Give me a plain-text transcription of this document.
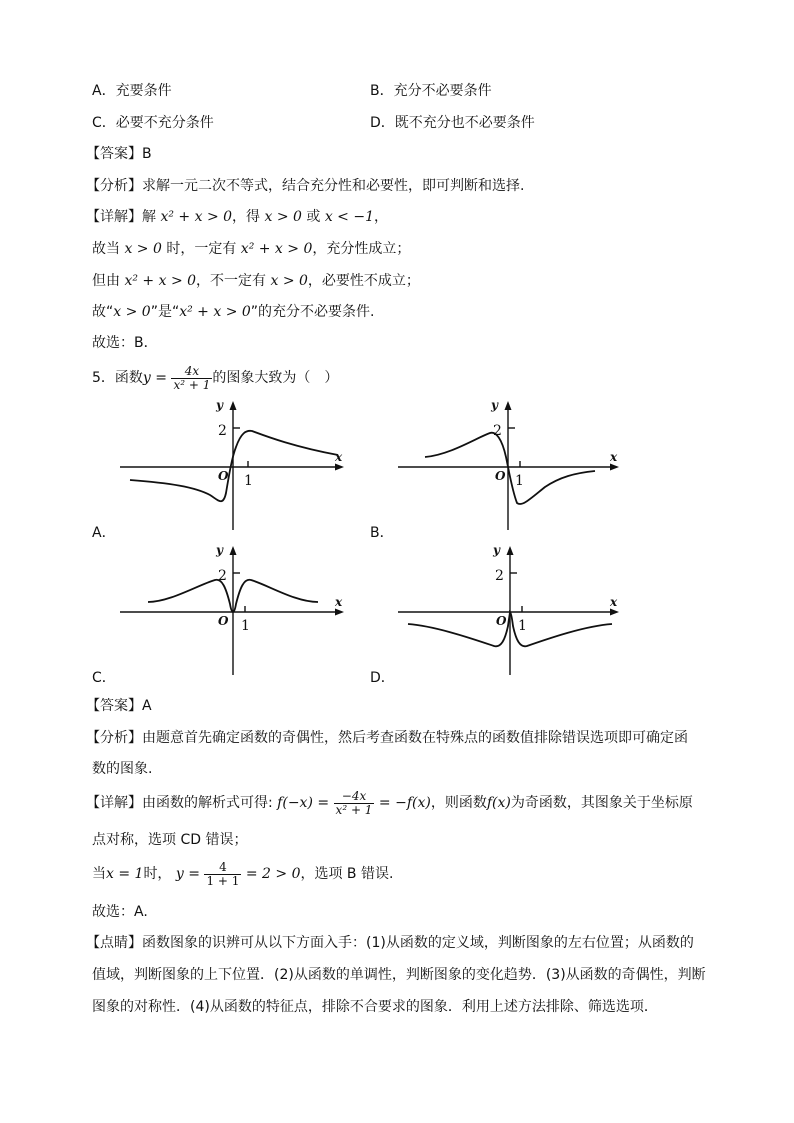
A．充要条件	B．充分不必要条件
C．必要不充分条件	D．既不充分也不必要条件
【答案】B
【分析】求解一元二次不等式，结合充分性和必要性，即可判断和选择.
【详解】解 x² + x > 0，得 x > 0 或 x < −1，
故当 x > 0 时，一定有 x² + x > 0，充分性成立；
但由 x² + x > 0，不一定有 x > 0，必要性不成立；
故“x > 0”是“x² + x > 0”的充分不必要条件.
故选：B．
5．函数$y = \frac{4x}{\text{x² + 1}}$ 的图象大致为（　）
y
x
O 1
2
y
x
O 1
2
A．	B．
y
x
O 1
2
y
x
O 1
2
C．	D．
【答案】A
【分析】由题意首先确定函数的奇偶性，然后考查函数在特殊点的函数值排除错误选项即可确定函
数的图象.
【详解】由函数的解析式可得: $f(-x) = \frac{-4x}{\text{x² + 1}} = -f(x)$，则函数f(x)为奇函数，其图象关于坐标原
点对称，选项 CD 错误；
当x = 1时， $y = \frac{4}{1 + 1} = 2 > 0$，选项 B 错误.
故选：A.
【点睛】函数图象的识辨可从以下方面入手：(1)从函数的定义域，判断图象的左右位置；从函数的
值域，判断图象的上下位置．(2)从函数的单调性，判断图象的变化趋势．(3)从函数的奇偶性，判断
图象的对称性．(4)从函数的特征点，排除不合要求的图象．利用上述方法排除、筛选选项．
